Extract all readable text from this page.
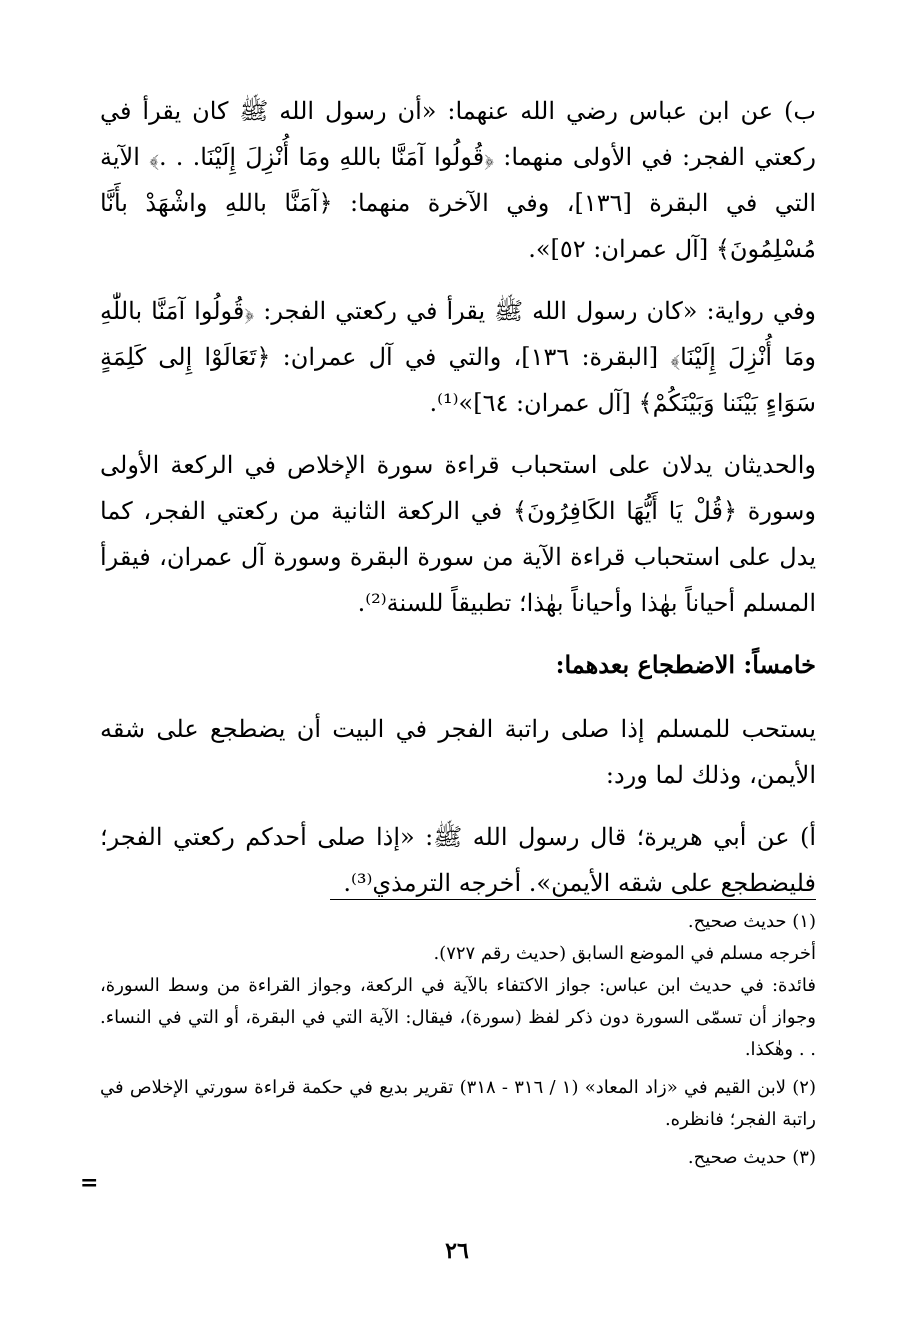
ب) عن ابن عباس رضي الله عنهما: «أن رسول الله ﷺ كان يقرأ في ركعتي الفجر: في الأولى منهما: ﴿قُولُوا آمَنَّا باللهِ ومَا أُنْزِلَ إِلَيْنَا. . .﴾ الآية التي في البقرة [١٣٦]، وفي الآخرة منهما: ﴿آمَنَّا باللهِ واشْهَدْ بأَنَّا مُسْلِمُونَ﴾ [آل عمران: ٥٢]».

وفي رواية: «كان رسول الله ﷺ يقرأ في ركعتي الفجر: ﴿قُولُوا آمَنَّا باللّٰهِ ومَا أُنْزِلَ إِلَيْنَا﴾ [البقرة: ١٣٦]، والتي في آل عمران: ﴿تَعَالَوْا إِلى كَلِمَةٍ سَوَاءٍ بَيْنَنا وَبَيْنَكُمْ﴾ [آل عمران: ٦٤]»⁽¹⁾.

والحديثان يدلان على استحباب قراءة سورة الإخلاص في الركعة الأولى وسورة ﴿قُلْ يَا أَيُّهَا الكَافِرُونَ﴾ في الركعة الثانية من ركعتي الفجر، كما يدل على استحباب قراءة الآية من سورة البقرة وسورة آل عمران، فيقرأ المسلم أحياناً بهٰذا وأحياناً بهٰذا؛ تطبيقاً للسنة⁽²⁾.

خامساً: الاضطجاع بعدهما:

يستحب للمسلم إذا صلى راتبة الفجر في البيت أن يضطجع على شقه الأيمن، وذلك لما ورد:

أ) عن أبي هريرة؛ قال رسول الله ﷺ: «إذا صلى أحدكم ركعتي الفجر؛ فليضطجع على شقه الأيمن». أخرجه الترمذي⁽³⁾.

(١) حديث صحيح.

أخرجه مسلم في الموضع السابق (حديث رقم ٧٢٧).

فائدة: في حديث ابن عباس: جواز الاكتفاء بالآية في الركعة، وجواز القراءة من وسط السورة، وجواز أن تسمّى السورة دون ذكر لفظ (سورة)، فيقال: الآية التي في البقرة، أو التي في النساء. . . وهٰكذا.

(٢) لابن القيم في «زاد المعاد» (١ / ٣١٦ - ٣١٨) تقرير بديع في حكمة قراءة سورتي الإخلاص في راتبة الفجر؛ فانظره.

(٣) حديث صحيح.

=
٢٦
